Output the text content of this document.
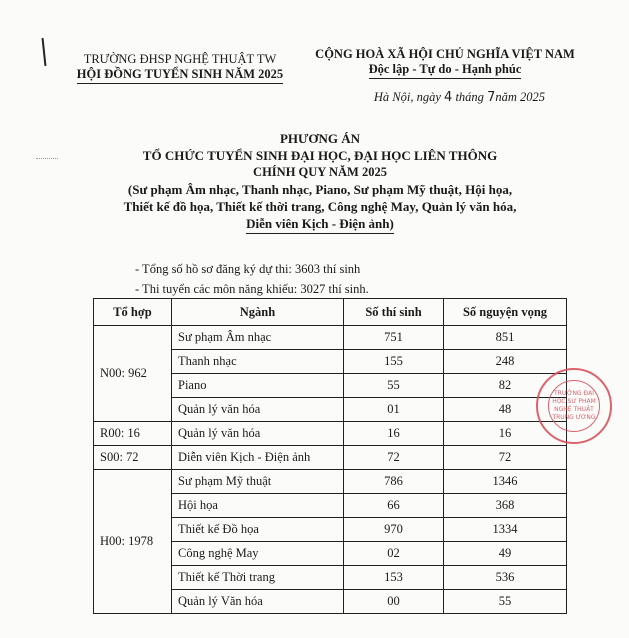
TRƯỜNG ĐHSP NGHỆ THUẬT TW
HỘI ĐỒNG TUYỂN SINH NĂM 2025
CỘNG HOÀ XÃ HỘI CHỦ NGHĨA VIỆT NAM
Độc lập - Tự do - Hạnh phúc
Hà Nội, ngày 4 tháng 7năm 2025
PHƯƠNG ÁN
TỔ CHỨC TUYỂN SINH ĐẠI HỌC, ĐẠI HỌC LIÊN THÔNG
CHÍNH QUY NĂM 2025
(Sư phạm Âm nhạc, Thanh nhạc, Piano, Sư phạm Mỹ thuật, Hội họa,
Thiết kế đồ họa, Thiết kế thời trang, Công nghệ May, Quản lý văn hóa,
Diễn viên Kịch - Điện ảnh)
- Tổng số hồ sơ đăng ký dự thi: 3603 thí sinh
- Thi tuyển các môn năng khiếu: 3027 thí sinh.
Tổ hợp	Ngành	Số thí sinh	Số nguyện vọng
N00: 962	Sư phạm Âm nhạc	751	851
	Thanh nhạc	155	248
	Piano	55	82
	Quản lý văn hóa	01	48
R00: 16	Quản lý văn hóa	16	16
S00: 72	Diễn viên Kịch - Điện ảnh	72	72
H00: 1978	Sư phạm Mỹ thuật	786	1346
	Hội họa	66	368
	Thiết kế Đồ họa	970	1334
	Công nghệ May	02	49
	Thiết kế Thời trang	153	536
	Quản lý Văn hóa	00	55
TRƯỜNG ĐẠI HỌC SƯ PHẠM NGHỆ THUẬT TRUNG ƯƠNG
